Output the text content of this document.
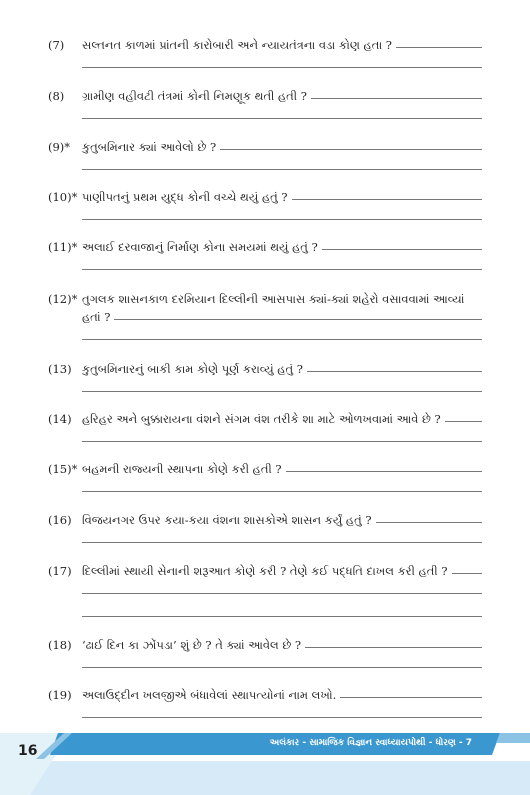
(7)	સલ્તનત કાળમાં પ્રાંતની કારોબારી અને ન્યાયતંત્રના વડા કોણ હતા ?
(8)	ગ્રામીણ વહીવટી તંત્રમાં કોની નિમણૂક થતી હતી ?
(9)*	કુતુબમિનાર ક્યાં આવેલો છે ?
(10)* પાણીપતનું પ્રથમ યુદ્ધ કોની વચ્ચે થયું હતું ?
(11)* અલાઈ દરવાજાનું નિર્માણ કોના સમયમાં થયું હતું ?
(12)* તુગલક શાસનકાળ દરમિયાન દિલ્લીની આસપાસ ક્યાં-ક્યાં શહેરો વસાવવામાં આવ્યાં
હતાં ?
(13) કુતુબમિનારનું બાકી કામ કોણે પૂર્ણ કરાવ્યું હતું ?
(14) હરિહર અને બુક્કારાયના વંશને સંગમ વંશ તરીકે શા માટે ઓળખવામાં આવે છે ?
(15)* બહમની રાજ્યની સ્થાપના કોણે કરી હતી ?
(16) વિજયનગર ઉપર કયા-કયા વંશના શાસકોએ શાસન કર્યું હતું ?
(17) દિલ્લીમાં સ્થાયી સેનાની શરૂઆત કોણે કરી ? તેણે કઈ પદ્ધતિ દાખલ કરી હતી ?
(18) ‘ઢાઈ દિન કા ઝોંપડા’ શું છે ? તે ક્યાં આવેલ છે ?
(19) અલાઉદ્દીન ખલજીએ બંધાવેલાં સ્થાપત્યોનાં નામ લખો.
16	અલંકાર - સામાજિક વિજ્ઞાન સ્વાધ્યાયપોથી - ધોરણ - 7
